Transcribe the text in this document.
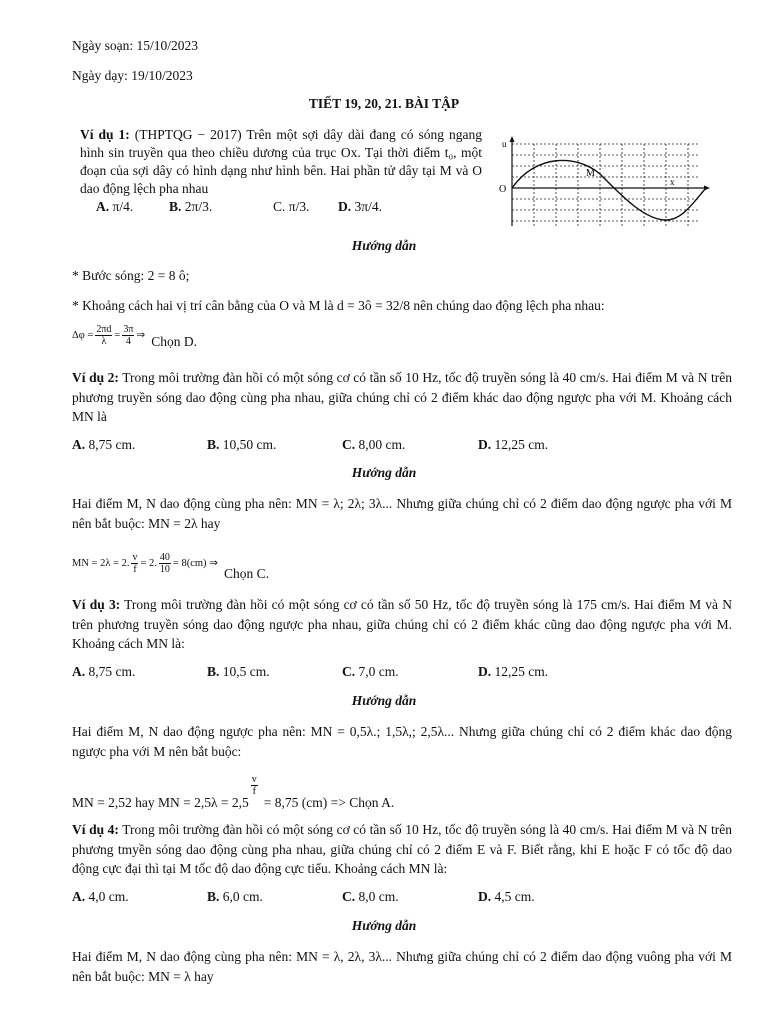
Ngày soạn: 15/10/2023
Ngày dạy: 19/10/2023
TIẾT 19, 20, 21. BÀI TẬP
Ví dụ 1: (THPTQG − 2017) Trên một sợi dây dài đang có sóng ngang hình sin truyền qua theo chiều dương của trục Ox. Tại thời điểm t₀, một đoạn của sợi dây có hình dạng như hình bên. Hai phần tử dây tại M và O dao động lệch pha nhau
A. π/4.	B. 2π/3.	C. π/3. D. 3π/4.
u
O
M
x
Hướng dẫn
* Bước sóng: 2 = 8 ô;
* Khoảng cách hai vị trí cân bằng của O và M là d = 3ô = 32/8 nên chúng dao động lệch pha nhau:
$\Delta\varphi = \frac{2\pi d}{\lambda} = \frac{3\pi}{4}$ ⇒ Chọn D.
Ví dụ 2: Trong môi trường đàn hồi có một sóng cơ có tần số 10 Hz, tốc độ truyền sóng là 40 cm/s. Hai điểm M và N trên phương truyền sóng dao động cùng pha nhau, giữa chúng chỉ có 2 điểm khác dao động ngược pha với M. Khoảng cách MN là
A. 8,75 cm.	B. 10,50 cm.	C. 8,00 cm.	D. 12,25 cm.
Hướng dẫn
Hai điểm M, N dao động cùng pha nên: MN = λ; 2λ; 3λ... Nhưng giữa chúng chỉ có 2 điểm dao động ngược pha với M nên bắt buộc: MN = 2λ hay
MN = 2λ = 2. $\frac{v}{f} = 2$. $\frac{40}{10} = 8(cm)$ ⇒
Chọn C.
Ví dụ 3: Trong môi trường đàn hồi có một sóng cơ có tần số 50 Hz, tốc độ truyền sóng là 175 cm/s. Hai điểm M và N trên phương truyền sóng dao động ngược pha nhau, giữa chúng chỉ có 2 điểm khác cũng dao động ngược pha với M. Khoảng cách MN là:
A. 8,75 cm.	B. 10,5 cm.	C. 7,0 cm.	D. 12,25 cm.
Hướng dẫn
Hai điểm M, N dao động ngược pha nên: MN = 0,5λ.; 1,5λ,; 2,5λ... Nhưng giữa chúng chỉ có 2 điểm khác dao động ngược pha với M nên bắt buộc:
MN = 2,52 hay MN = 2,5λ = 2,5
$\frac{v}{f}$
= 8,75 (cm) => Chọn A.
Ví dụ 4: Trong môi trường đàn hồi có một sóng cơ có tần số 10 Hz, tốc độ truyền sóng là 40 cm/s. Hai điểm M và N trên phương tmyền sóng dao động cùng pha nhau, giữa chúng chỉ có 2 điểm E và F. Biết rằng, khi E hoặc F có tốc độ dao động cực đại thì tại M tốc độ dao động cực tiểu. Khoảng cách MN là:
A. 4,0 cm.	B. 6,0 cm.	C. 8,0 cm.	D. 4,5 cm.
Hướng dẫn
Hai điểm M, N dao động cùng pha nên: MN = λ, 2λ, 3λ... Nhưng giữa chúng chỉ có 2 điểm dao động vuông pha với M nên bắt buộc: MN = λ hay
